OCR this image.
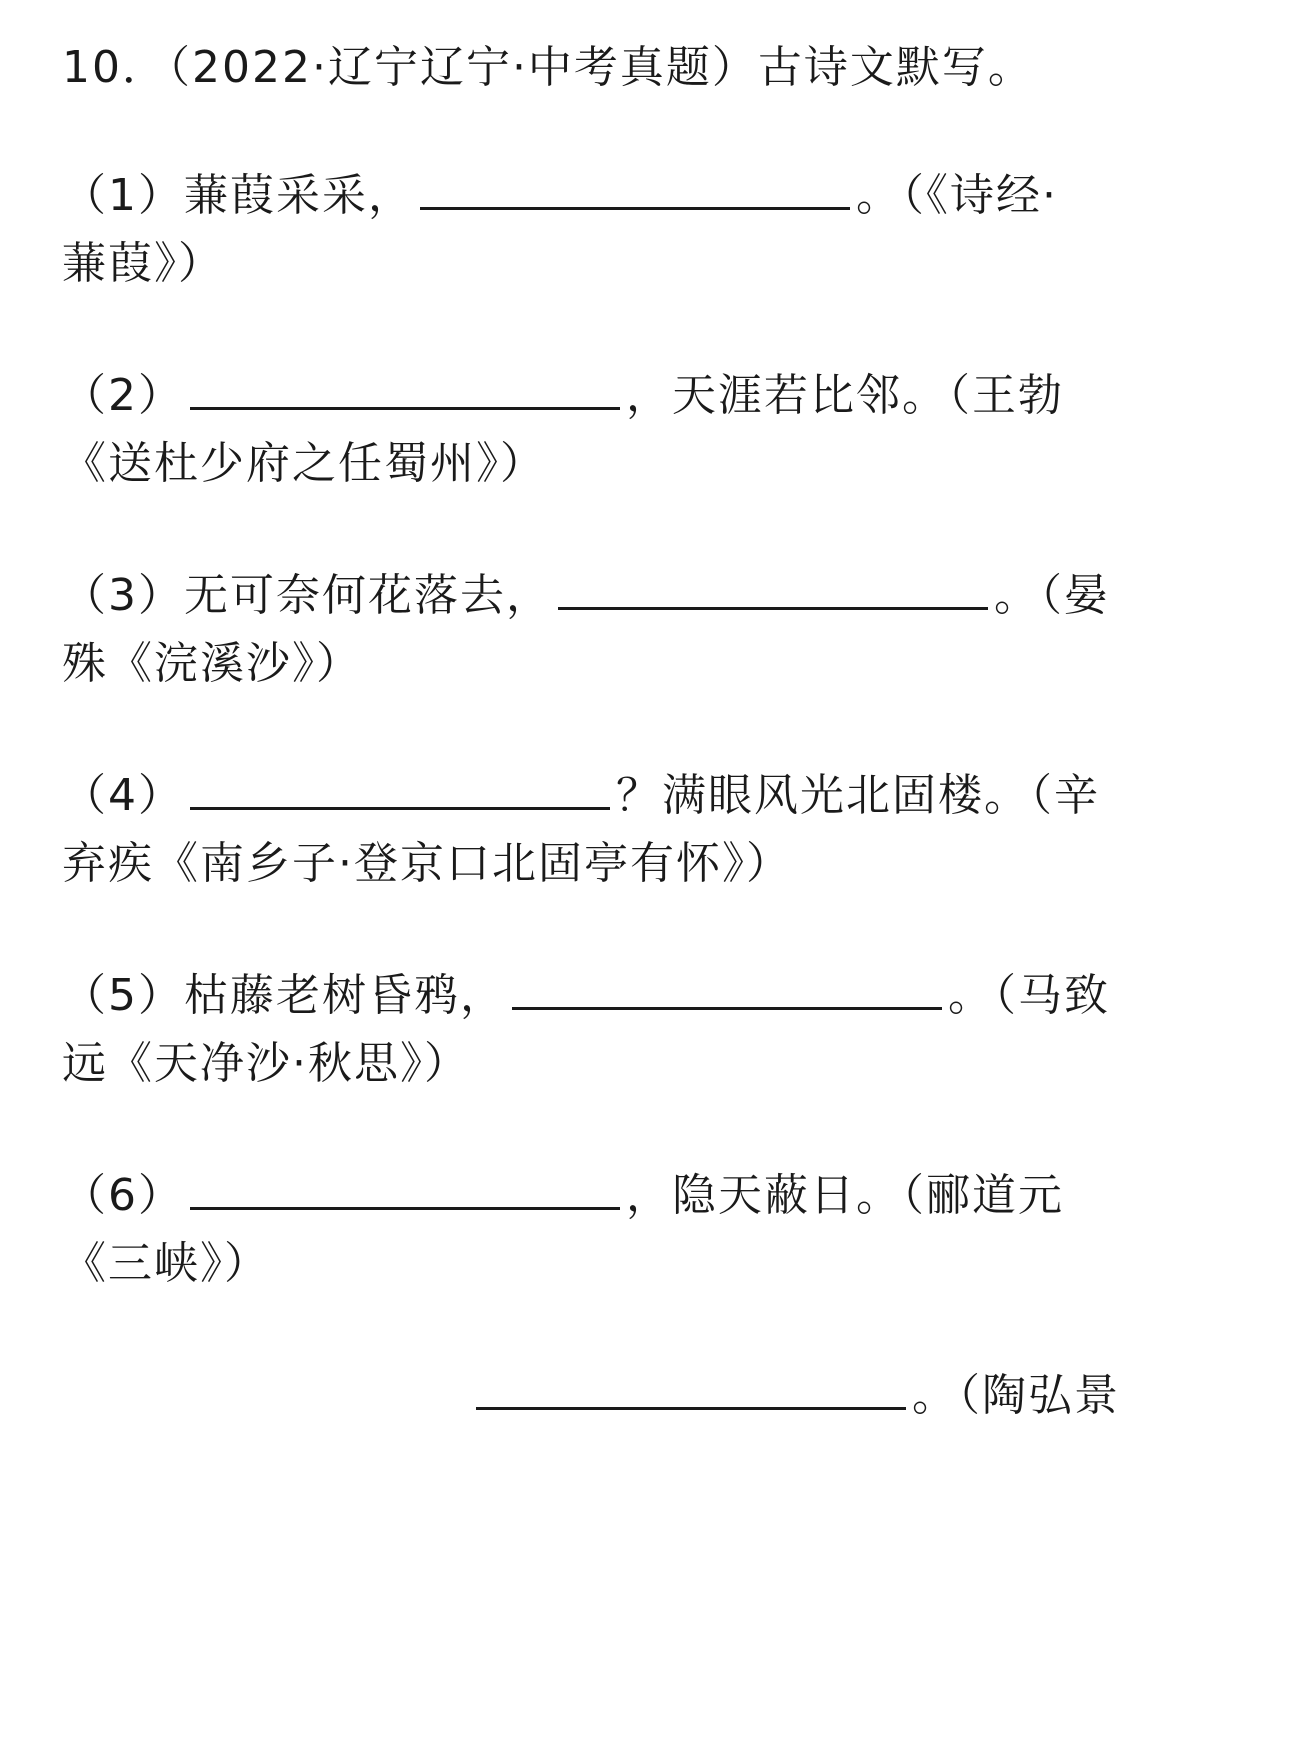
10．（2022·辽宁辽宁·中考真题）古诗文默写。
（1）蒹葭采采，	。（《诗经·
蒹葭》）
（2）	，天涯若比邻。（王勃
《送杜少府之任蜀州》）
（3）无可奈何花落去，	。（晏
殊《浣溪沙》）
（4）	？满眼风光北固楼。（辛
弃疾《南乡子·登京口北固亭有怀》）
（5）枯藤老树昏鸦，	。（马致
远《天净沙·秋思》）
（6）	，隐天蔽日。（郦道元
《三峡》）
。（陶弘景
